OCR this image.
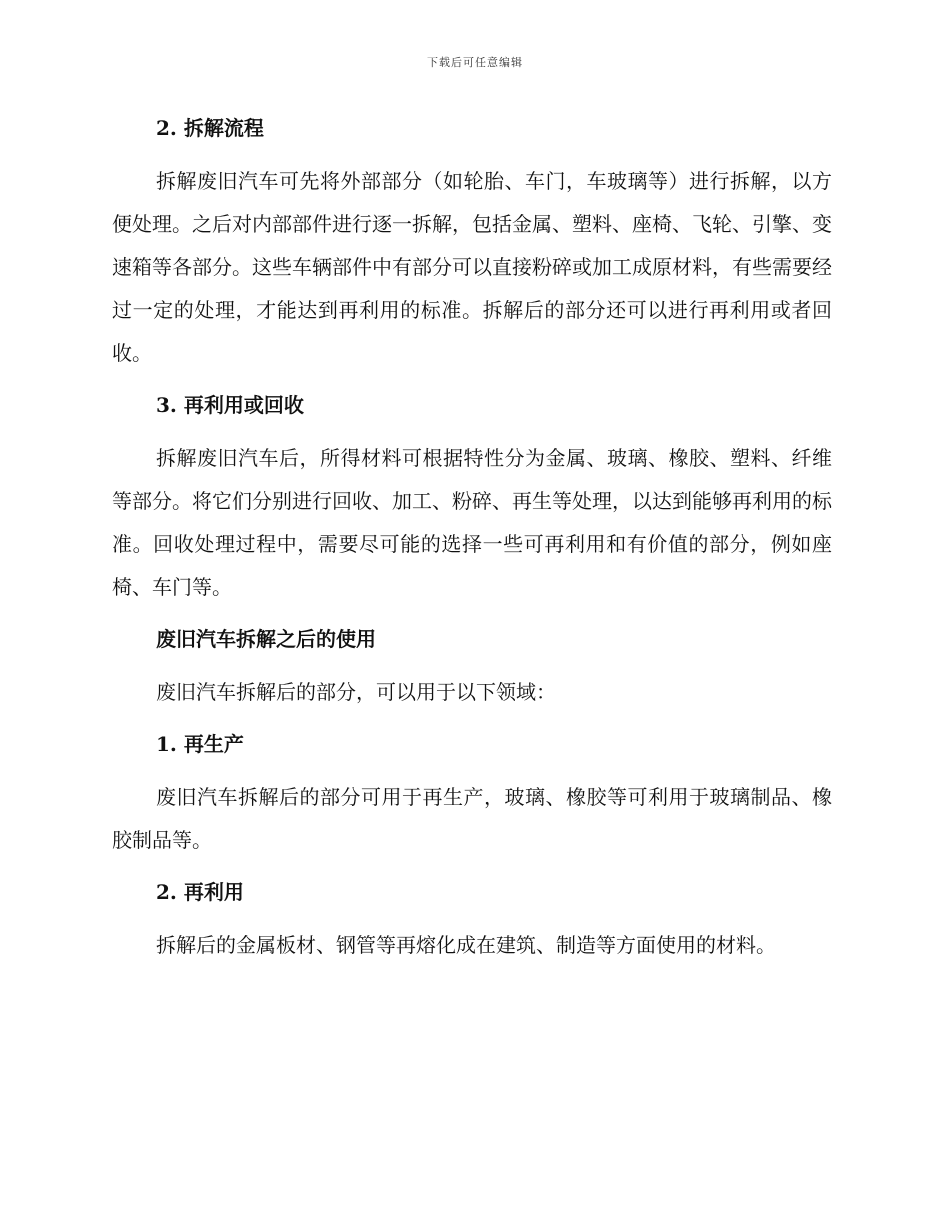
下载后可任意编辑
2. 拆解流程

拆解废旧汽车可先将外部部分（如轮胎、车门，车玻璃等）进行拆解，以方便处理。之后对内部部件进行逐一拆解，包括金属、塑料、座椅、飞轮、引擎、变速箱等各部分。这些车辆部件中有部分可以直接粉碎或加工成原材料，有些需要经过一定的处理，才能达到再利用的标准。拆解后的部分还可以进行再利用或者回收。

3. 再利用或回收

拆解废旧汽车后，所得材料可根据特性分为金属、玻璃、橡胶、塑料、纤维等部分。将它们分别进行回收、加工、粉碎、再生等处理，以达到能够再利用的标准。回收处理过程中，需要尽可能的选择一些可再利用和有价值的部分，例如座椅、车门等。

废旧汽车拆解之后的使用

废旧汽车拆解后的部分，可以用于以下领域：

1. 再生产

废旧汽车拆解后的部分可用于再生产，玻璃、橡胶等可利用于玻璃制品、橡胶制品等。

2. 再利用

拆解后的金属板材、钢管等再熔化成在建筑、制造等方面使用的材料。
